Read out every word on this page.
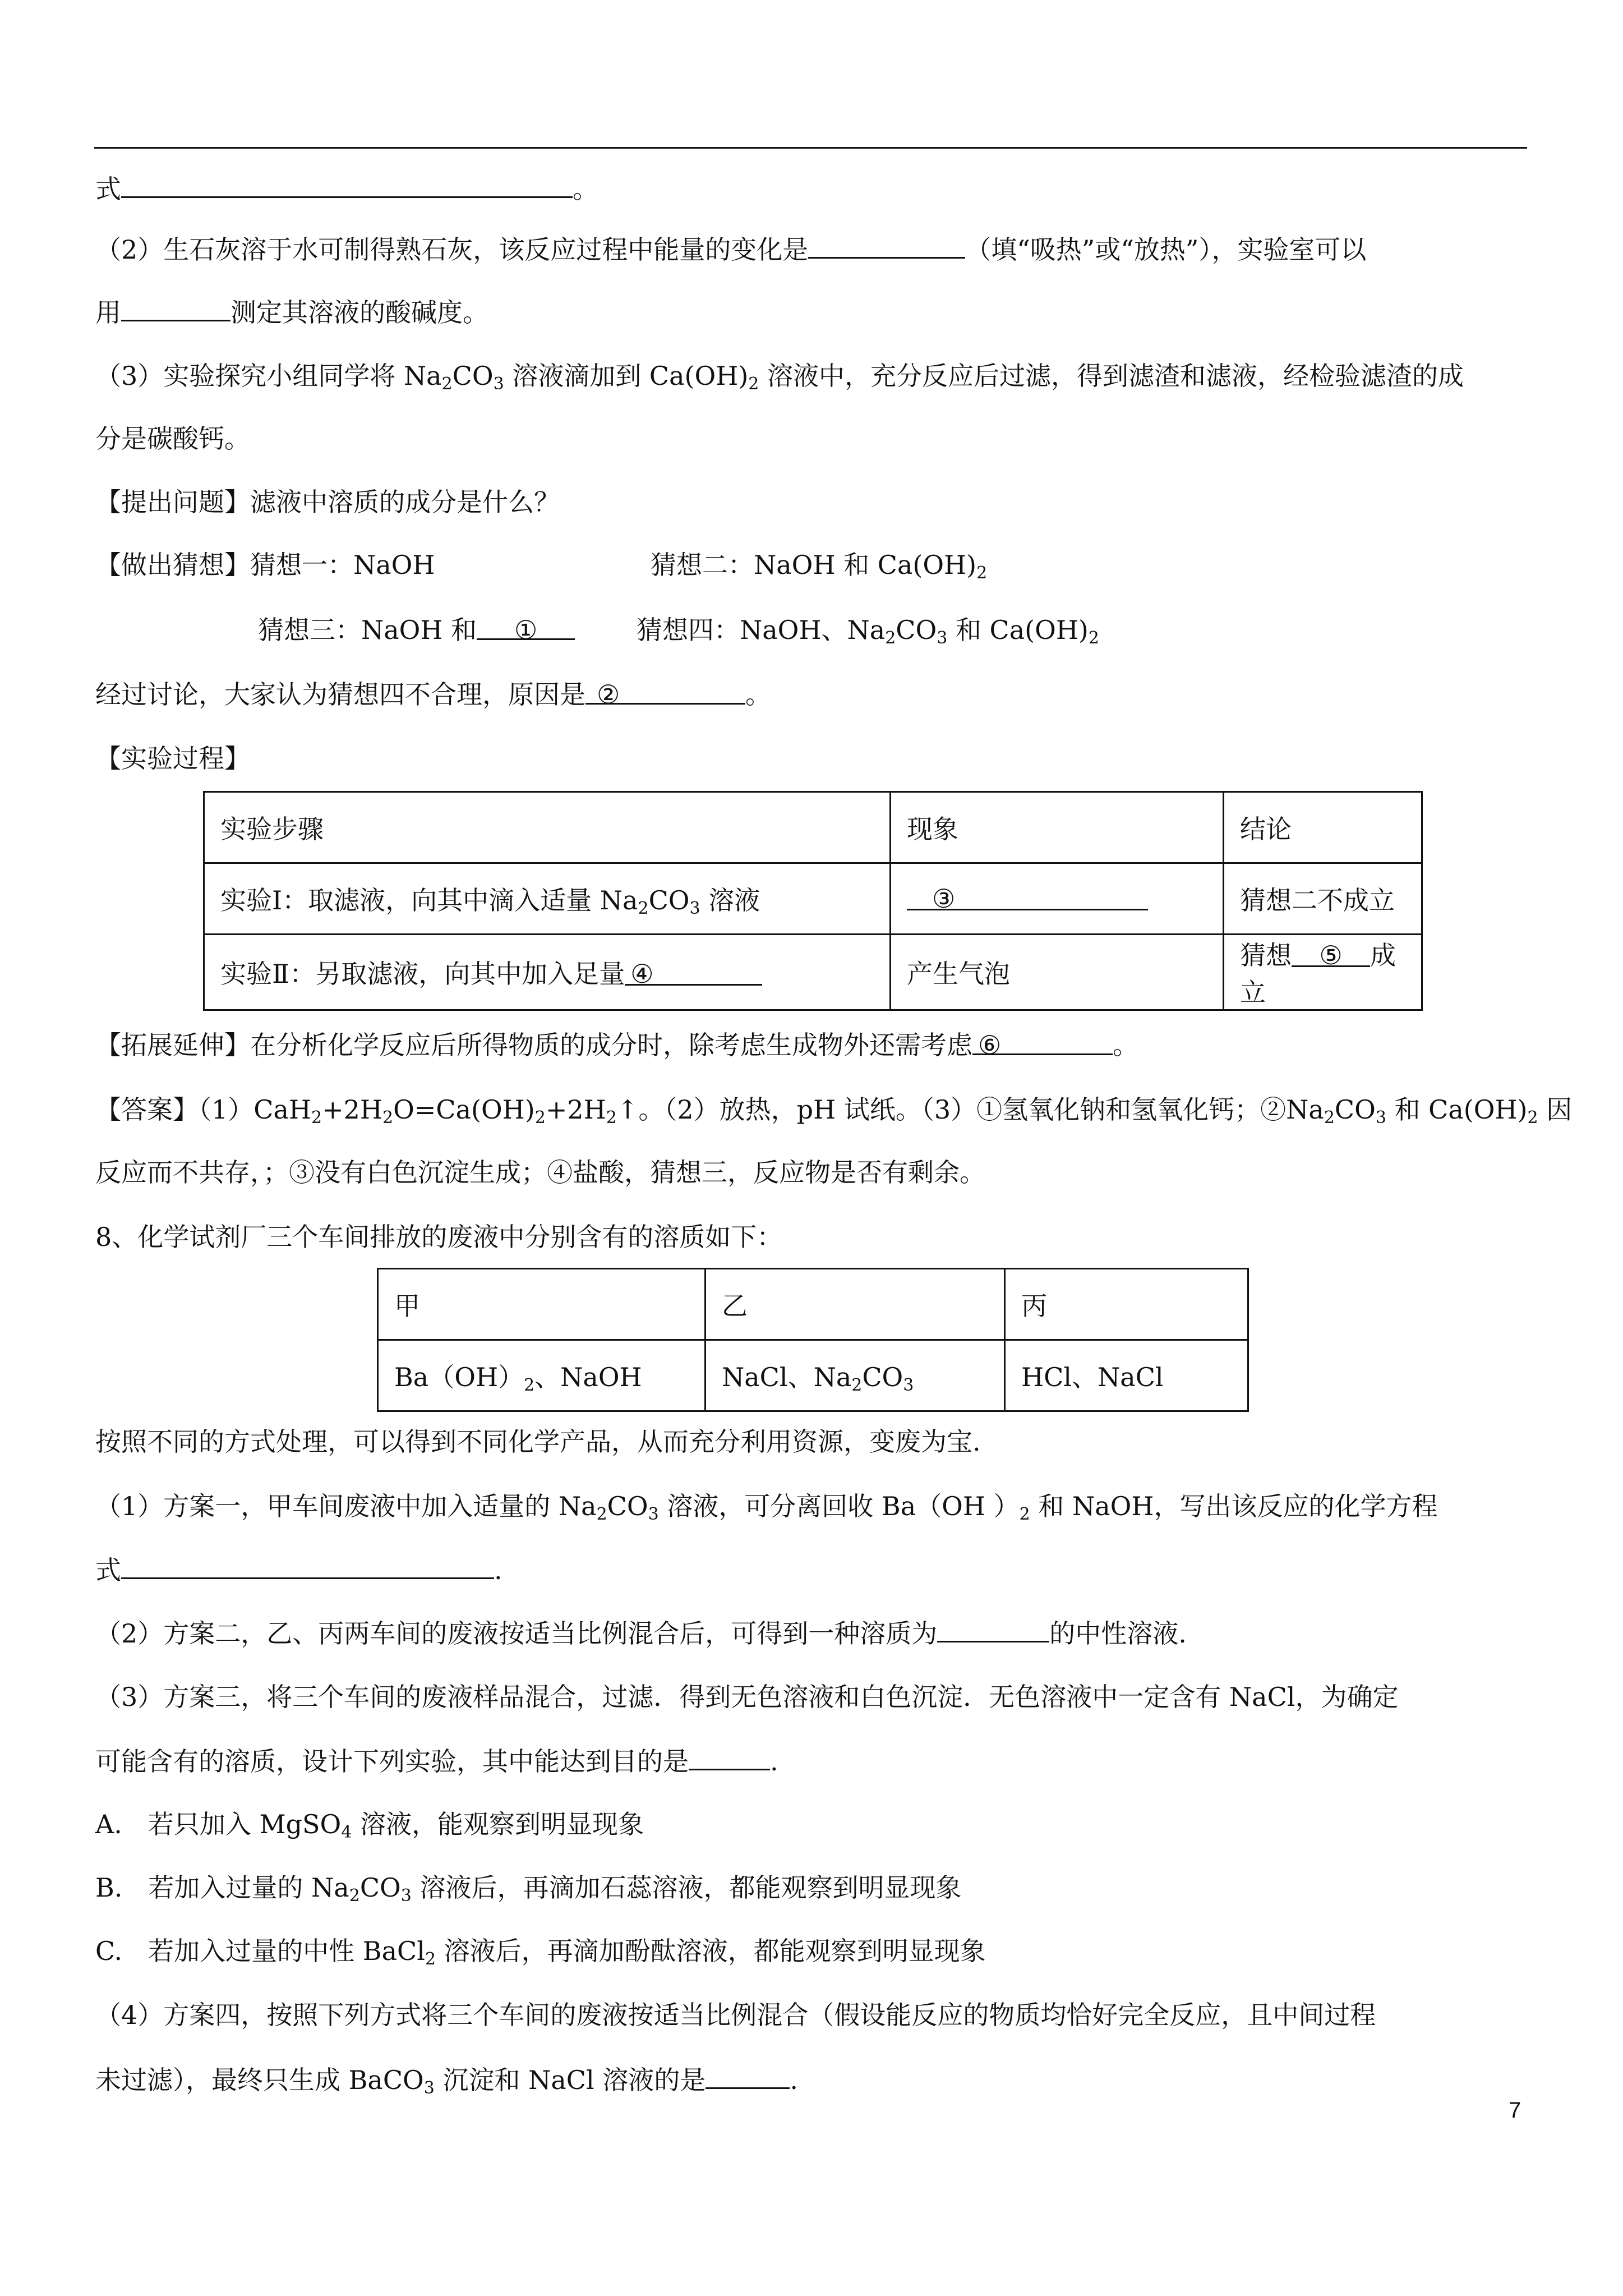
式	。
（2）生石灰溶于水可制得熟石灰，该反应过程中能量的变化是	（填“吸热”或“放热”），实验室可以
用	测定其溶液的酸碱度。
（3）实验探究小组同学将 $Na_2CO_3$ 溶液滴加到 $Ca(OH)_2$ 溶液中，充分反应后过滤，得到滤渣和滤液，经检验滤渣的成
分是碳酸钙。
【提出问题】滤液中溶质的成分是什么？
【做出猜想】猜想一：NaOH	猜想二：NaOH 和 $Ca(OH)_2$
猜想三：NaOH 和 ①	猜想四：NaOH、$Na_2CO_3$ 和 $Ca(OH)_2$
经过讨论，大家认为猜想四不合理，原因是 ②	。
【实验过程】
实验步骤	现象	结论
实验Ⅰ：取滤液，向其中滴入适量 $Na_2CO_3$ 溶液	③	猜想二不成立
实验Ⅱ：另取滤液，向其中加入足量 ④	产生气泡	猜想 ⑤ 成立
【拓展延伸】在分析化学反应后所得物质的成分时，除考虑生成物外还需考虑 ⑥	。
【答案】$(1)CaH_2+2H_2O=Ca(OH)_2+2H_2↑$。（2）放热，pH 试纸。（3）①氢氧化钠和氢氧化钙；$②Na_2CO_3$ 和 $Ca(OH)_2$ 因
反应而不共存，；③没有白色沉淀生成；④盐酸，猜想三，反应物是否有剩余。
8、化学试剂厂三个车间排放的废液中分别含有的溶质如下：
甲	乙	丙
$Ba(OH)_2$、NaOH	NaCl、$Na_2CO_3$	HCl、NaCl
按照不同的方式处理，可以得到不同化学产品，从而充分利用资源，变废为宝.
（1）方案一，甲车间废液中加入适量的 $Na_2CO_3$ 溶液，可分离回收 Ba（OH ）$_2$ 和 NaOH，写出该反应的化学方程
式	.
（2）方案二，乙、丙两车间的废液按适当比例混合后，可得到一种溶质为	的中性溶液.
（3）方案三，将三个车间的废液样品混合，过滤．得到无色溶液和白色沉淀．无色溶液中一定含有 NaCl，为确定
可能含有的溶质，设计下列实验，其中能达到目的是	.
A.　若只加入 MgSO$_4$ 溶液，能观察到明显现象
B.　若加入过量的 $Na_2CO_3$ 溶液后，再滴加石蕊溶液，都能观察到明显现象
C.　若加入过量的中性 BaCl$_2$ 溶液后，再滴加酚酞溶液，都能观察到明显现象
（4）方案四，按照下列方式将三个车间的废液按适当比例混合（假设能反应的物质均恰好完全反应，且中间过程
未过滤），最终只生成 BaCO$_3$ 沉淀和 NaCl 溶液的是	.
7
